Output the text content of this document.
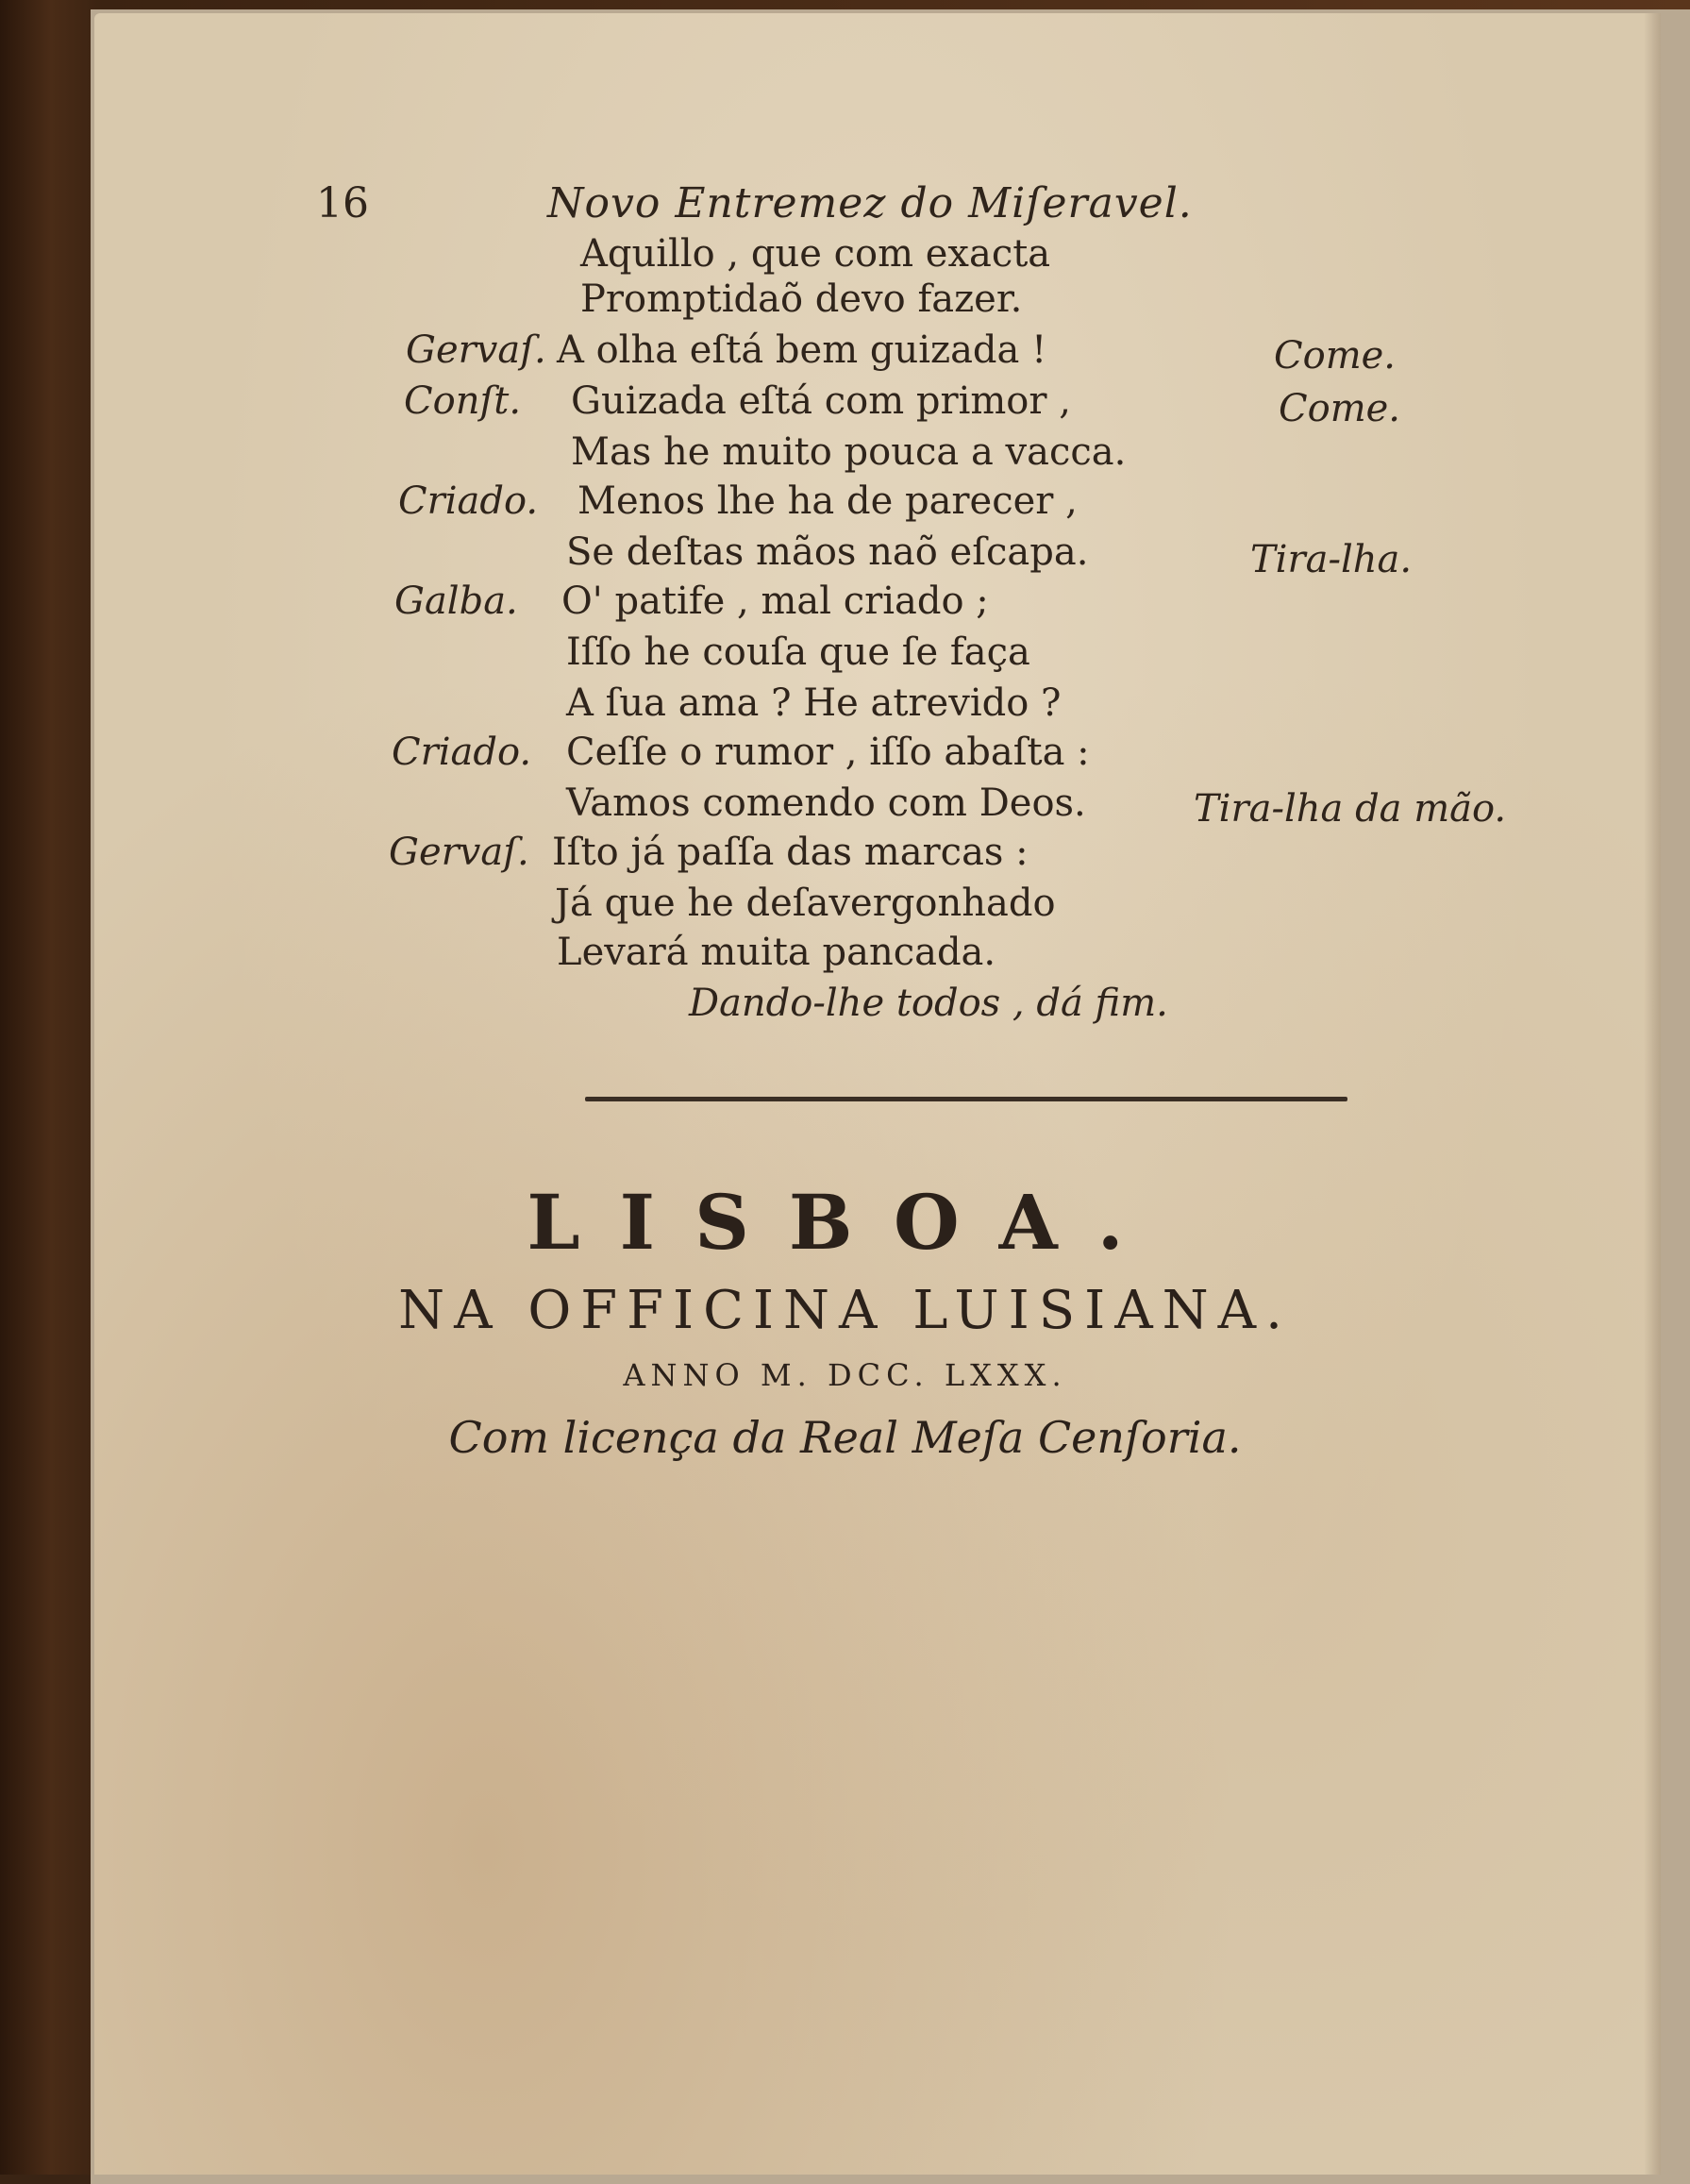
16	Novo Entremez do Miſeravel.
Aquillo , que com exacta
Promptidaõ devo fazer.
Gervaſ. A olha eſtá bem guizada !	Come.
Conſt. Guizada eſtá com primor ,	Come.
Mas he muito pouca a vacca.
Criado. Menos lhe ha de parecer ,
Se deſtas mãos naõ eſcapa.	Tira-lha.
Galba. O' patife , mal criado ;
Iſſo he couſa que ſe faça
A ſua ama ? He atrevido ?
Criado. Ceſſe o rumor , iſſo abaſta :
Vamos comendo com Deos.	Tira-lha da mão.
Gervaſ. Iſto já paſſa das marcas :
Já que he deſavergonhado
Levará muita pancada.
Dando-lhe todos , dá fim.
LISBOA.
NA OFFICINA LUISIANA.
ANNO M. DCC. LXXX.
Com licença da Real Meſa Cenſoria.
